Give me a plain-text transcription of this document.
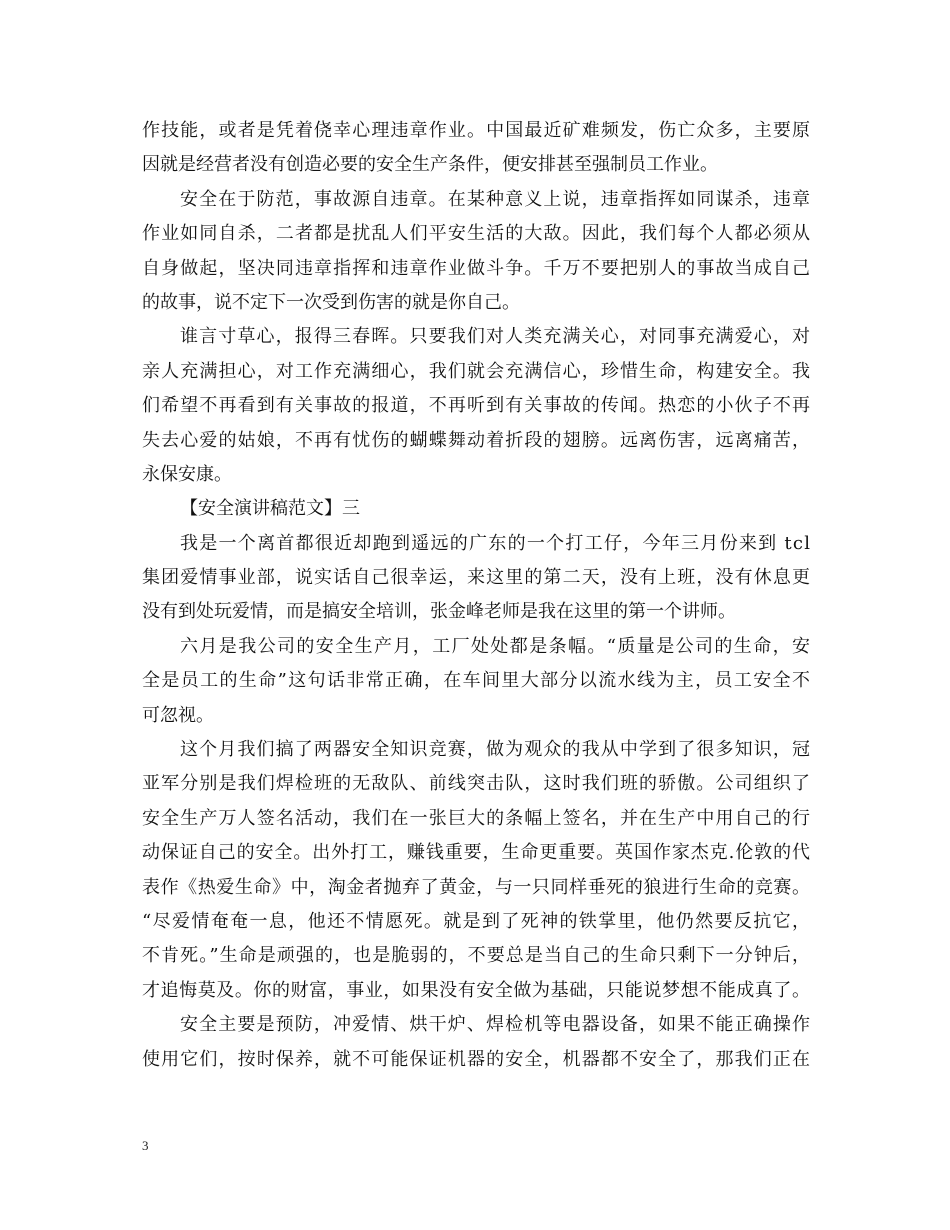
作技能，或者是凭着侥幸心理违章作业。中国最近矿难频发，伤亡众多，主要原
因就是经营者没有创造必要的安全生产条件，便安排甚至强制员工作业。
安全在于防范，事故源自违章。在某种意义上说，违章指挥如同谋杀，违章
作业如同自杀，二者都是扰乱人们平安生活的大敌。因此，我们每个人都必须从
自身做起，坚决同违章指挥和违章作业做斗争。千万不要把别人的事故当成自己
的故事，说不定下一次受到伤害的就是你自己。
谁言寸草心，报得三春晖。只要我们对人类充满关心，对同事充满爱心，对
亲人充满担心，对工作充满细心，我们就会充满信心，珍惜生命，构建安全。我
们希望不再看到有关事故的报道，不再听到有关事故的传闻。热恋的小伙子不再
失去心爱的姑娘，不再有忧伤的蝴蝶舞动着折段的翅膀。远离伤害，远离痛苦，
永保安康。
【安全演讲稿范文】三
我是一个离首都很近却跑到遥远的广东的一个打工仔，今年三月份来到 tcl
集团爱情事业部，说实话自己很幸运，来这里的第二天，没有上班，没有休息更
没有到处玩爱情，而是搞安全培训，张金峰老师是我在这里的第一个讲师。
六月是我公司的安全生产月，工厂处处都是条幅。“质量是公司的生命，安
全是员工的生命”这句话非常正确，在车间里大部分以流水线为主，员工安全不
可忽视。
这个月我们搞了两器安全知识竞赛，做为观众的我从中学到了很多知识，冠
亚军分别是我们焊检班的无敌队、前线突击队，这时我们班的骄傲。公司组织了
安全生产万人签名活动，我们在一张巨大的条幅上签名，并在生产中用自己的行
动保证自己的安全。出外打工，赚钱重要，生命更重要。英国作家杰克.伦敦的代
表作《热爱生命》中，淘金者抛弃了黄金，与一只同样垂死的狼进行生命的竞赛。
“尽爱情奄奄一息，他还不情愿死。就是到了死神的铁掌里，他仍然要反抗它，
不肯死。”生命是顽强的，也是脆弱的，不要总是当自己的生命只剩下一分钟后，
才追悔莫及。你的财富，事业，如果没有安全做为基础，只能说梦想不能成真了。
安全主要是预防，冲爱情、烘干炉、焊检机等电器设备，如果不能正确操作
使用它们，按时保养，就不可能保证机器的安全，机器都不安全了，那我们正在
3
